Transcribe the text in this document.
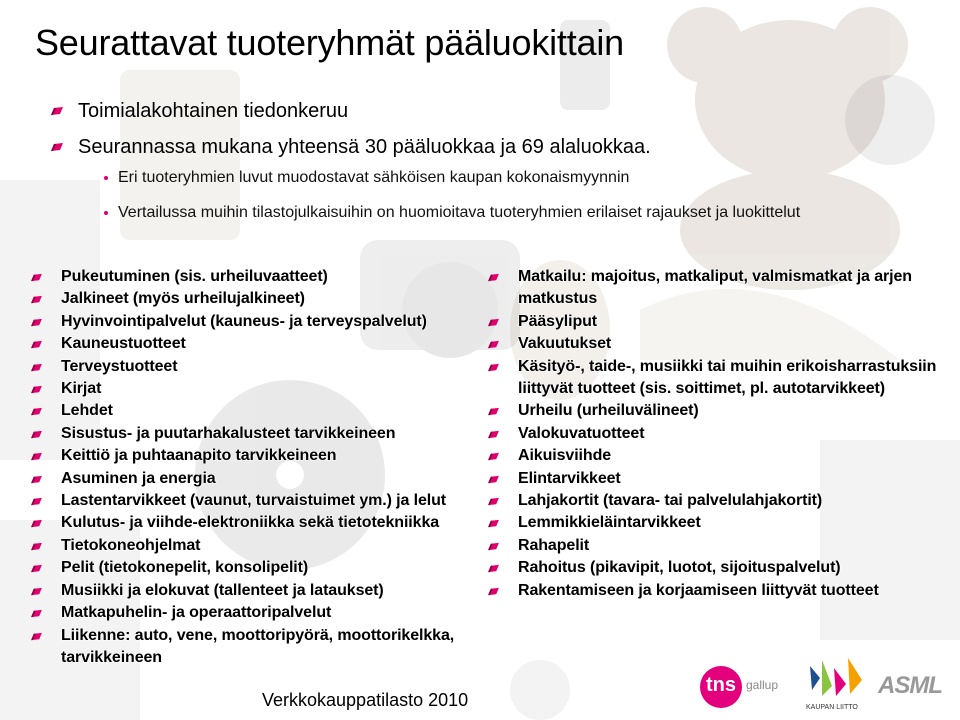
Seurattavat tuoteryhmät pääluokittain
Toimialakohtainen tiedonkeruu
Seurannassa mukana yhteensä 30 pääluokkaa ja 69 alaluokkaa.
Eri tuoteryhmien luvut muodostavat sähköisen kaupan kokonaismyynnin
Vertailussa muihin tilastojulkaisuihin on huomioitava tuoteryhmien erilaiset rajaukset ja luokittelut
Pukeutuminen (sis. urheiluvaatteet)
Jalkineet (myös urheilujalkineet)
Hyvinvointipalvelut (kauneus- ja terveyspalvelut)
Kauneustuotteet
Terveystuotteet
Kirjat
Lehdet
Sisustus- ja puutarhakalusteet tarvikkeineen
Keittiö ja puhtaanapito tarvikkeineen
Asuminen ja energia
Lastentarvikkeet (vaunut, turvaistuimet ym.) ja lelut
Kulutus- ja viihde-elektroniikka sekä tietotekniikka
Tietokoneohjelmat
Pelit (tietokonepelit, konsolipelit)
Musiikki ja elokuvat (tallenteet ja lataukset)
Matkapuhelin- ja operaattoripalvelut
Liikenne: auto, vene, moottoripyörä, moottorikelkka, tarvikkeineen
Matkailu: majoitus, matkaliput, valmismatkat ja arjen matkustus
Pääsyliput
Vakuutukset
Käsityö-, taide-, musiikki tai muihin erikoisharrastuksiin liittyvät tuotteet (sis. soittimet, pl. autotarvikkeet)
Urheilu (urheiluvälineet)
Valokuvatuotteet
Aikuisviihde
Elintarvikkeet
Lahjakortit (tavara- tai palvelulahjakortit)
Lemmikkieläintarvikkeet
Rahapelit
Rahoitus (pikavipit, luotot, sijoituspalvelut)
Rakentamiseen ja korjaamiseen liittyvät tuotteet
Verkkokauppatilasto 2010
tns gallup
KAUPAN LIITTO
ASML
